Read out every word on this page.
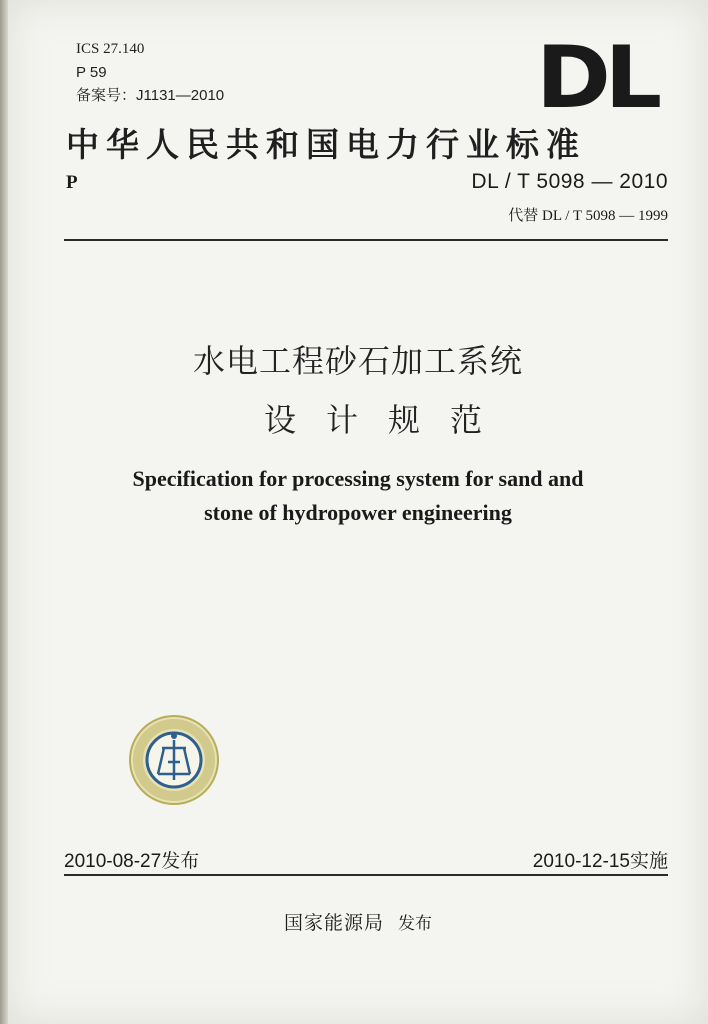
ICS 27.140
P 59
备案号：J1131—2010	DL
中华人民共和国电力行业标准
P	DL / T 5098 — 2010
代替 DL / T 5098 — 1999
水电工程砂石加工系统
设计规范
Specification for processing system for sand and
stone of hydropower engineering
2010-08-27发布	2010-12-15实施
国家能源局 发布
